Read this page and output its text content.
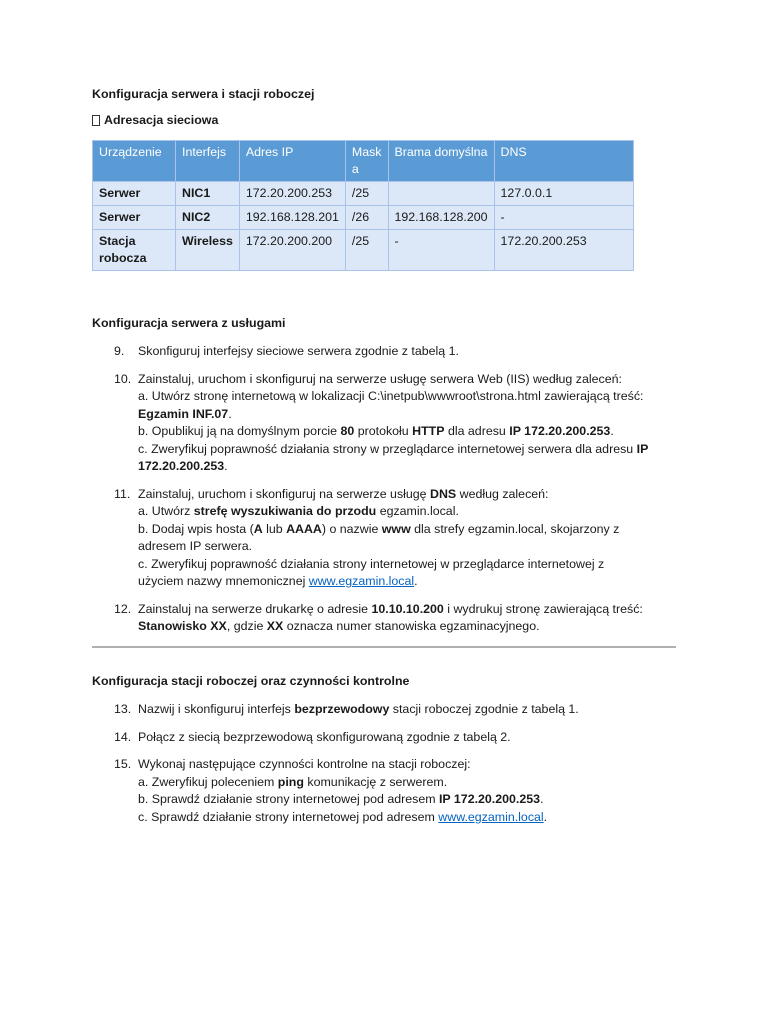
Konfiguracja serwera i stacji roboczej
Adresacja sieciowa
Urządzenie	Interfejs	Adres IP	Mask a	Brama domyślna	DNS
Serwer	NIC1	172.20.200.253	/25		127.0.0.1
Serwer	NIC2	192.168.128.201	/26	192.168.128.200	-
Stacja robocza	Wireless	172.20.200.200	/25	-	172.20.200.253
Konfiguracja serwera z usługami
9. Skonfiguruj interfejsy sieciowe serwera zgodnie z tabelą 1.
10. Zainstaluj, uruchom i skonfiguruj na serwerze usługę serwera Web (IIS) według zaleceń:
a. Utwórz stronę internetową w lokalizacji C:\inetpub\wwwroot\strona.html zawierającą treść: Egzamin INF.07.
b. Opublikuj ją na domyślnym porcie 80 protokołu HTTP dla adresu IP 172.20.200.253.
c. Zweryfikuj poprawność działania strony w przeglądarce internetowej serwera dla adresu IP 172.20.200.253.
11. Zainstaluj, uruchom i skonfiguruj na serwerze usługę DNS według zaleceń:
a. Utwórz strefę wyszukiwania do przodu egzamin.local.
b. Dodaj wpis hosta (A lub AAAA) o nazwie www dla strefy egzamin.local, skojarzony z adresem IP serwera.
c. Zweryfikuj poprawność działania strony internetowej w przeglądarce internetowej z użyciem nazwy mnemonicznej www.egzamin.local.
12. Zainstaluj na serwerze drukarkę o adresie 10.10.10.200 i wydrukuj stronę zawierającą treść: Stanowisko XX, gdzie XX oznacza numer stanowiska egzaminacyjnego.
Konfiguracja stacji roboczej oraz czynności kontrolne
13. Nazwij i skonfiguruj interfejs bezprzewodowy stacji roboczej zgodnie z tabelą 1.
14. Połącz z siecią bezprzewodową skonfigurowaną zgodnie z tabelą 2.
15. Wykonaj następujące czynności kontrolne na stacji roboczej:
a. Zweryfikuj poleceniem ping komunikację z serwerem.
b. Sprawdź działanie strony internetowej pod adresem IP 172.20.200.253.
c. Sprawdź działanie strony internetowej pod adresem www.egzamin.local.
